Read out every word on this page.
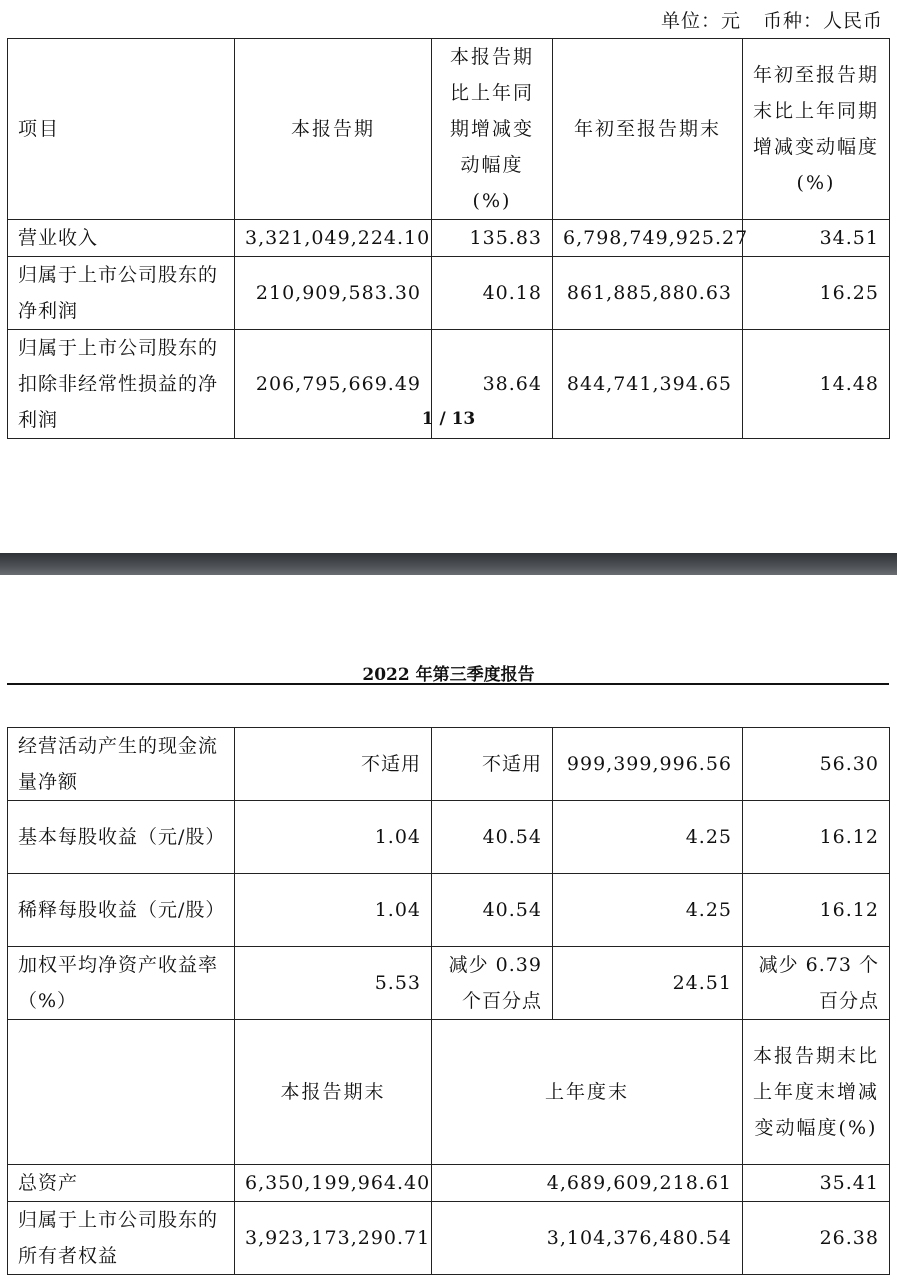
单位：元 币种：人民币
项目	本报告期	本报告期比上年同期增减变动幅度(%)	年初至报告期末	年初至报告期末比上年同期增减变动幅度(%)
营业收入	3,321,049,224.10	135.83	6,798,749,925.27	34.51
归属于上市公司股东的净利润	210,909,583.30	40.18	861,885,880.63	16.25
归属于上市公司股东的扣除非经常性损益的净利润	206,795,669.49	38.64	844,741,394.65	14.48
1 / 13
2022 年第三季度报告
经营活动产生的现金流量净额	不适用	不适用	999,399,996.56	56.30
基本每股收益（元/股）	1.04	40.54	4.25	16.12
稀释每股收益（元/股）	1.04	40.54	4.25	16.12
加权平均净资产收益率（%）	5.53	减少 0.39 个百分点	24.51	减少 6.73 个百分点
	本报告期末	上年度末		本报告期末比上年度末增减变动幅度(%)
总资产	6,350,199,964.40	4,689,609,218.61		35.41
归属于上市公司股东的所有者权益	3,923,173,290.71	3,104,376,480.54		26.38
